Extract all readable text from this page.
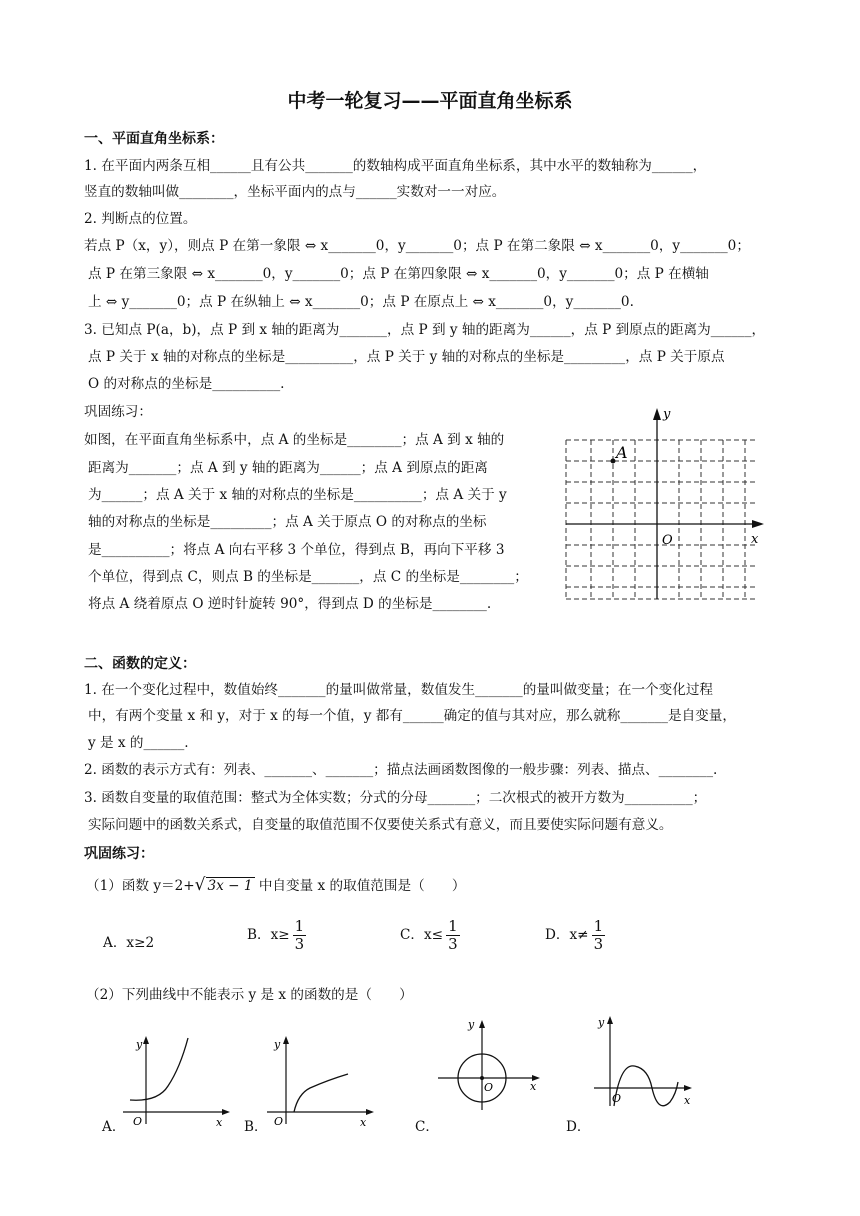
中考一轮复习——平面直角坐标系
一、平面直角坐标系：
1. 在平面内两条互相______且有公共_______的数轴构成平面直角坐标系，其中水平的数轴称为______，
竖直的数轴叫做________，坐标平面内的点与______实数对一一对应。
2. 判断点的位置。
若点 P（x，y），则点 P 在第一象限 ⇔ x_______0，y_______0；点 P 在第二象限 ⇔ x_______0，y_______0；
点 P 在第三象限 ⇔ x_______0，y_______0；点 P 在第四象限 ⇔ x_______0，y_______0；点 P 在横轴
上 ⇔ y_______0；点 P 在纵轴上 ⇔ x_______0；点 P 在原点上 ⇔ x_______0，y_______0.
3. 已知点 P(a，b)，点 P 到 x 轴的距离为_______，点 P 到 y 轴的距离为______，点 P 到原点的距离为______，
点 P 关于 x 轴的对称点的坐标是__________，点 P 关于 y 轴的对称点的坐标是_________，点 P 关于原点
O 的对称点的坐标是__________.
巩固练习：
如图，在平面直角坐标系中，点 A 的坐标是________；点 A 到 x 轴的
距离为_______；点 A 到 y 轴的距离为______；点 A 到原点的距离
为______；点 A 关于 x 轴的对称点的坐标是__________；点 A 关于 y
轴的对称点的坐标是_________；点 A 关于原点 O 的对称点的坐标
是__________；将点 A 向右平移 3 个单位，得到点 B，再向下平移 3
个单位，得到点 C，则点 B 的坐标是_______，点 C 的坐标是________；
将点 A 绕着原点 O 逆时针旋转 90°，得到点 D 的坐标是________.
x
y
O
A
二、函数的定义：
1. 在一个变化过程中，数值始终_______的量叫做常量，数值发生_______的量叫做变量；在一个变化过程
中，有两个变量 x 和 y，对于 x 的每一个值，y 都有______确定的值与其对应，那么就称_______是自变量，
y 是 x 的______.
2. 函数的表示方式有：列表、_______、_______；描点法画函数图像的一般步骤：列表、描点、________.
3. 函数自变量的取值范围：整式为全体实数；分式的分母_______；二次根式的被开方数为__________；
实际问题中的函数关系式，自变量的取值范围不仅要使关系式有意义，而且要使实际问题有意义。
巩固练习：
（1）函数 y＝2+√ 3x − 1 中自变量 x 的取值范围是（　　）
A．x≥2	B．$x\ge \frac{1}{3}$	C．$x\le \frac{1}{3}$	D．$x\ne \frac{1}{3}$
（2）下列曲线中不能表示 y 是 x 的函数的是（　　）
y
x
O
A．
y
x
O
B．
y
x
O
C．
y
x
O
D．
